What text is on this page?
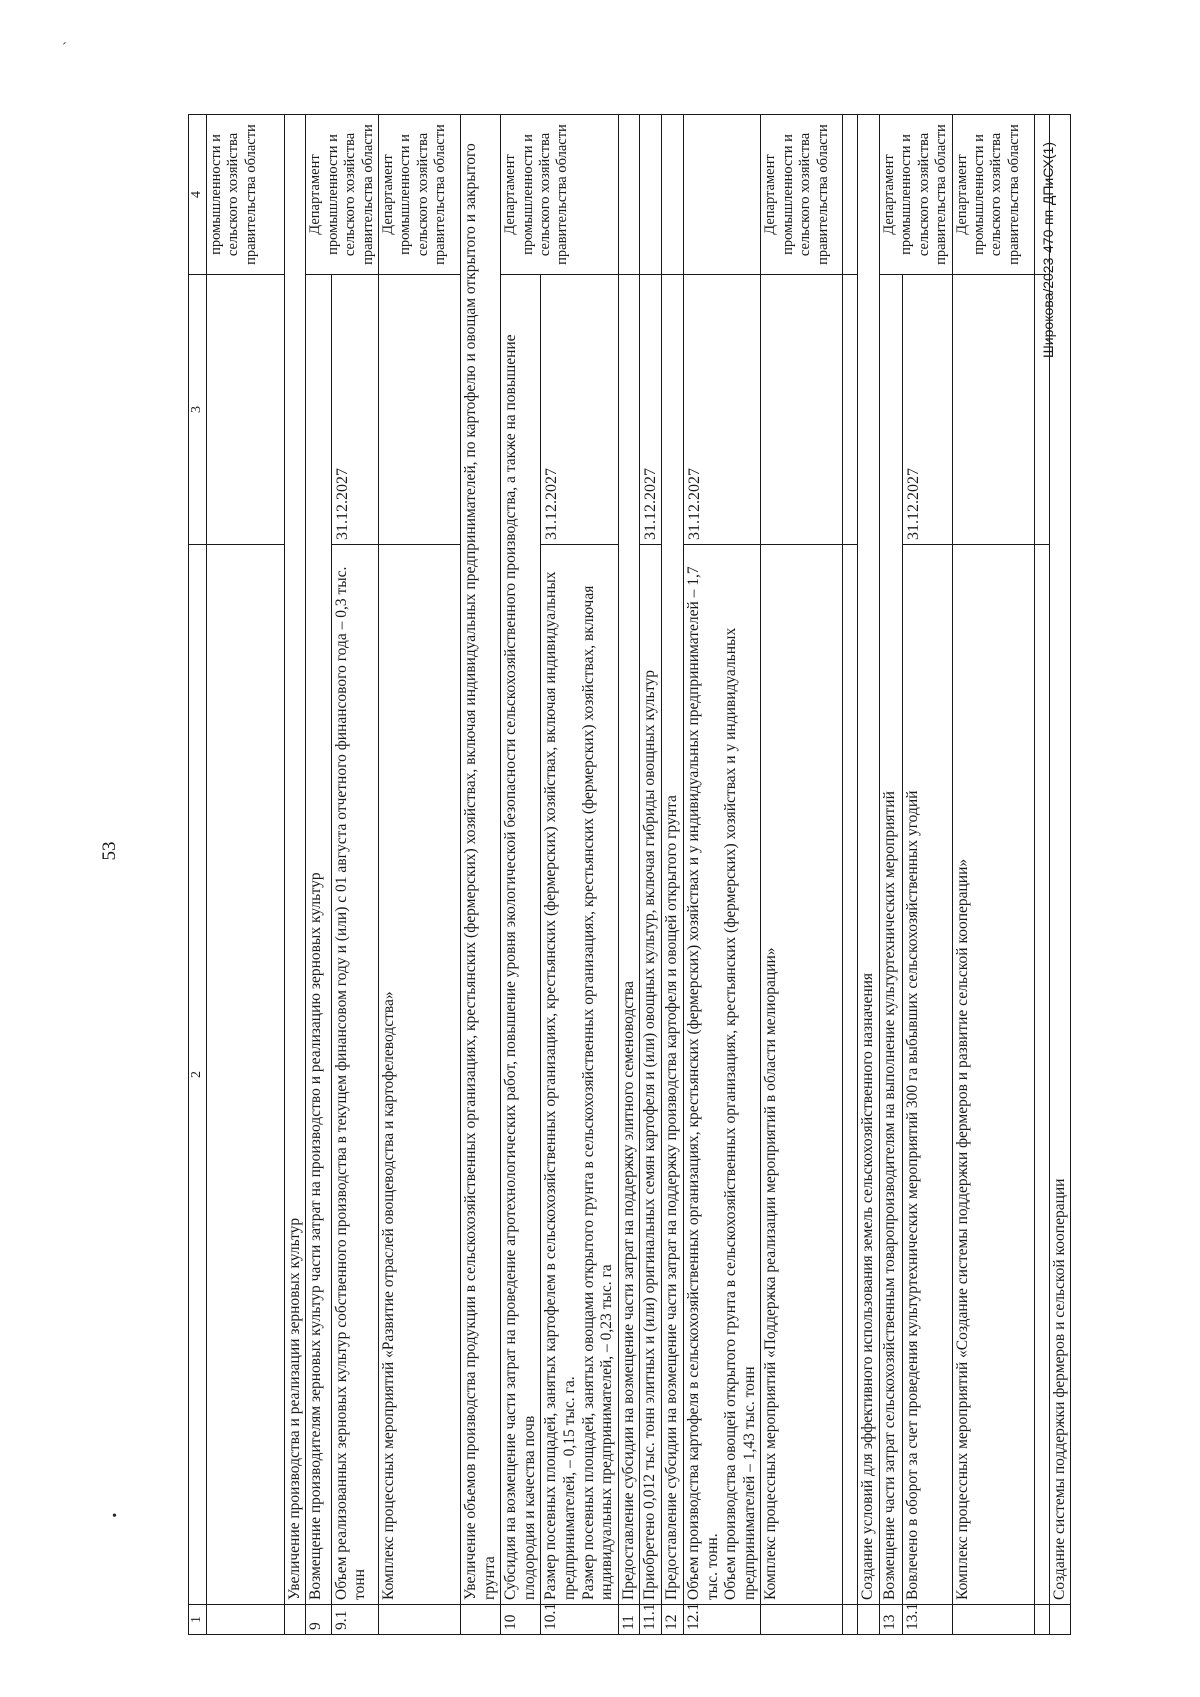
53
Широкова/2023-470-пп-ДПиСХ(1)
´
•
1	2	3	4
			промышленности и сельского хозяйства правительства области
	Увеличение производства и реализации зерновых культур		
9	Возмещение производителям зерновых культур части затрат на производство и реализацию зерновых культур		Департамент промышленности и сельского хозяйства правительства области
9.1	Объем реализованных зерновых культур собственного производства в текущем финансовом году и (или) с 01 августа отчетного финансового года – 0,3 тыс. тонн	31.12.2027	
	Комплекс процессных мероприятий «Развитие отраслей овощеводства и картофелеводства»		Департамент промышленности и сельского хозяйства правительства области
	Увеличение объемов производства продукции в сельскохозяйственных организациях, крестьянских (фермерских) хозяйствах, включая индивидуальных предпринимателей, по картофелю и овощам открытого и закрытого грунта		
10	Субсидия на возмещение части затрат на проведение агротехнологических работ, повышение уровня экологической безопасности сельскохозяйственного производства, а также на повышение плодородия и качества почв		Департамент промышленности и сельского хозяйства правительства области
10.1	Размер посевных площадей, занятых картофелем в сельскохозяйственных организациях, крестьянских (фермерских) хозяйствах, включая индивидуальных предпринимателей, – 0,15 тыс. га. Размер посевных площадей, занятых овощами открытого грунта в сельскохозяйственных организациях, крестьянских (фермерских) хозяйствах, включая индивидуальных предпринимателей, – 0,23 тыс. га	31.12.2027	
11	Предоставление субсидии на возмещение части затрат на поддержку элитного семеноводства		
11.1	Приобретено 0,012 тыс. тонн элитных и (или) оригинальных семян картофеля и (или) овощных культур, включая гибриды овощных культур	31.12.2027	
12	Предоставление субсидии на возмещение части затрат на поддержку производства картофеля и овощей открытого грунта		
12.1	Объем производства картофеля в сельскохозяйственных организациях, крестьянских (фермерских) хозяйствах и у индивидуальных предпринимателей – 1,7 тыс. тонн. Объем производства овощей открытого грунта в сельскохозяйственных организациях, крестьянских (фермерских) хозяйствах и у индивидуальных предпринимателей – 1,43 тыс. тонн	31.12.2027	
	Комплекс процессных мероприятий «Поддержка реализации мероприятий в области мелиорации»		Департамент промышленности и сельского хозяйства правительства области

	Создание условий для эффективного использования земель сельскохозяйственного назначения		
13	Возмещение части затрат сельскохозяйственным товаропроизводителям на выполнение культуртехнических мероприятий		Департамент промышленности и сельского хозяйства правительства области
13.1	Вовлечено в оборот за счет проведения культуртехнических мероприятий 300 га выбывших сельскохозяйственных угодий	31.12.2027	
	Комплекс процессных мероприятий «Создание системы поддержки фермеров и развитие сельской кооперации»		Департамент промышленности и сельского хозяйства правительства области

	Создание системы поддержки фермеров и сельской кооперации		
